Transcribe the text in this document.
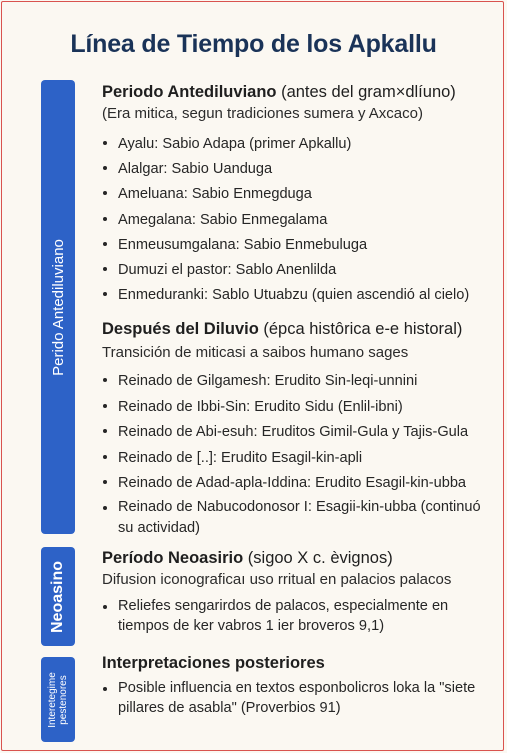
Línea de Tiempo de los Apkallu
Perido Antediluviano
Neoasino
Interetegime pestenores
Periodo Antediluviano (antes del gram×dlíuno)
(Era mitica, segun tradiciones sumera y Axcaco)
Ayalu: Sabio Adapa (primer Apkallu)
Alalgar: Sabio Uanduga
Ameluana: Sabio Enmegduga
Amegalana: Sabio Enmegalama
Enmeusumgalana: Sabio Enmebuluga
Dumuzi el pastor: Sablo Anenlilda
Enmeduranki: Sablo Utuabzu (quien ascendió al cielo)
Después del Diluvio (épca histôrica e-e historal)
Transición de miticasi a saibos humano sages
Reinado de Gilgamesh: Erudito Sin-leqi-unnini
Reinado de Ibbi-Sin: Erudito Sidu (Enlil-ibni)
Reinado de Abi-esuh: Eruditos Gimil-Gula y Tajis-Gula
Reinado de [..]: Erudito Esagil-kin-apli
Reinado de Adad-apla-Iddina: Erudito Esagil-kin-ubba
Reinado de Nabucodonosor I: Esagii-kin-ubba (continuó su actividad)
Período Neoasirio (sigoo X c. èvignos)
Difusion iconograficaı uso rritual en palacios palacos
Reliefes sengarirdos de palacos, especialmente en tiempos de ker vabros 1 ier broveros 9,1)
Interpretaciones posteriores
Posible influencia en textos esponbolicros loka la "siete pillares de asabla" (Proverbios 91)
